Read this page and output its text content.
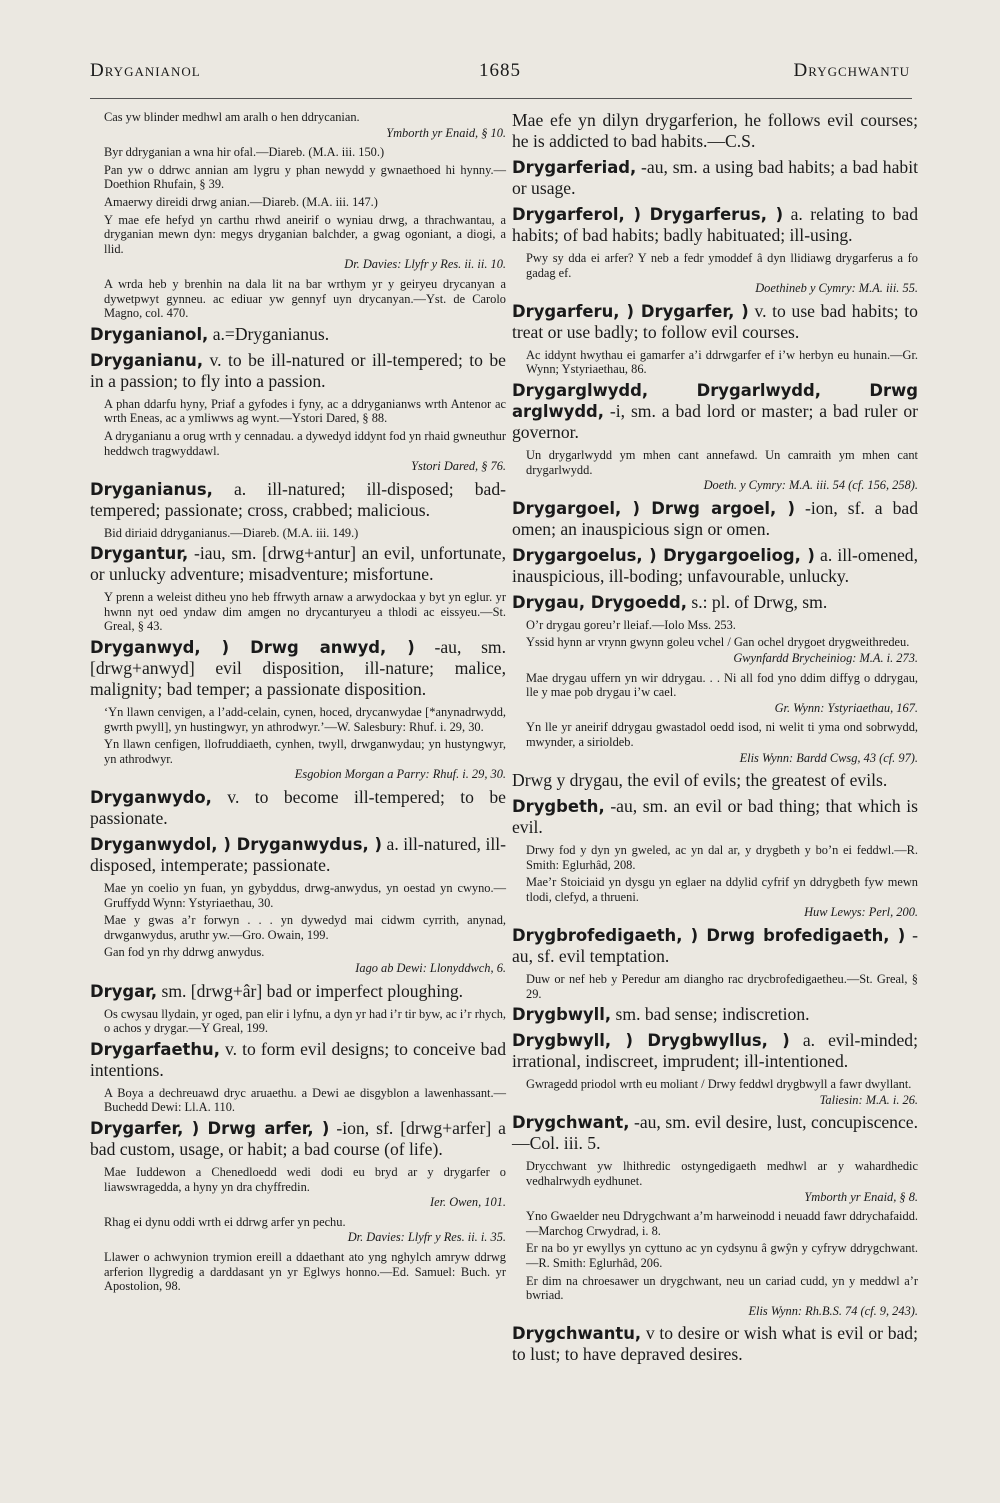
Dryganianol	1685	Drygchwantu
Cas yw blinder medhwl am aralh o hen ddrycanian.
Ymborth yr Enaid, § 10.
Byr ddryganian a wna hir ofal.—Diareb. (M.A. iii. 150.)
Pan yw o ddrwc annian am lygru y phan newydd y gwnaethoed hi hynny.—Doethion Rhufain, § 39.
Amaerwy direidi drwg anian.—Diareb. (M.A. iii. 147.)
Y mae efe hefyd yn carthu rhwd aneirif o wyniau drwg, a thrachwantau, a dryganian mewn dyn: megys dryganian balchder, a gwag ogoniant, a diogi, a llid.
Dr. Davies: Llyfr y Res. ii. ii. 10.
A wrda heb y brenhin na dala lit na bar wrthym yr y geiryeu drycanyan a dywetpwyt gynneu. ac ediuar yw gennyf uyn drycanyan.—Yst. de Carolo Magno, col. 470.
Dryganianol, a.=Dryganianus.
Dryganianu, v. to be ill-natured or ill-tempered; to be in a passion; to fly into a passion.
A phan ddarfu hyny, Priaf a gyfodes i fyny, ac a ddryganianws wrth Antenor ac wrth Eneas, ac a ymliwws ag wynt.—Ystori Dared, § 88.
A dryganianu a orug wrth y cennadau. a dywedyd iddynt fod yn rhaid gwneuthur heddwch tragwyddawl.
Ystori Dared, § 76.
Dryganianus, a. ill-natured; ill-disposed; bad-tempered; passionate; cross, crabbed; malicious.
Bid diriaid ddryganianus.—Diareb. (M.A. iii. 149.)
Drygantur, -iau, sm. [drwg+antur] an evil, unfortunate, or unlucky adventure; misadventure; misfortune.
Y prenn a weleist ditheu yno heb ffrwyth arnaw a arwydockaa y byt yn eglur. yr hwnn nyt oed yndaw dim amgen no drycanturyeu a thlodi ac eissyeu.—St. Greal, § 43.
Dryganwyd, ) Drwg anwyd, ) -au, sm. [drwg+anwyd] evil disposition, ill-nature; malice, malignity; bad temper; a passionate disposition.
‘Yn llawn cenvigen, a l’add-celain, cynen, hoced, drycanwydae [*anynadrwydd, gwrth pwyll], yn hustingwyr, yn athrodwyr.’—W. Salesbury: Rhuf. i. 29, 30.
Yn llawn cenfigen, llofruddiaeth, cynhen, twyll, drwganwydau; yn hustyngwyr, yn athrodwyr.
Esgobion Morgan a Parry: Rhuf. i. 29, 30.
Dryganwydo, v. to become ill-tempered; to be passionate.
Dryganwydol, ) Dryganwydus, ) a. ill-natured, ill-disposed, intemperate; passionate.
Mae yn coelio yn fuan, yn gybyddus, drwg-anwydus, yn oestad yn cwyno.—Gruffydd Wynn: Ystyriaethau, 30.
Mae y gwas a’r forwyn . . . yn dywedyd mai cidwm cyrrith, anynad, drwganwydus, aruthr yw.—Gro. Owain, 199.
Gan fod yn rhy ddrwg anwydus.
Iago ab Dewi: Llonyddwch, 6.
Drygar, sm. [drwg+âr] bad or imperfect ploughing.
Os cwysau llydain, yr oged, pan elir i lyfnu, a dyn yr had i’r tir byw, ac i’r rhych, o achos y drygar.—Y Greal, 199.
Drygarfaethu, v. to form evil designs; to conceive bad intentions.
A Boya a dechreuawd dryc aruaethu. a Dewi ae disgyblon a lawenhassant.—Buchedd Dewi: Ll.A. 110.
Drygarfer, ) Drwg arfer, ) -ion, sf. [drwg+arfer] a bad custom, usage, or habit; a bad course (of life).
Mae Iuddewon a Chenedloedd wedi dodi eu bryd ar y drygarfer o liawswragedda, a hyny yn dra chyffredin.
Ier. Owen, 101.
Rhag ei dynu oddi wrth ei ddrwg arfer yn pechu.
Dr. Davies: Llyfr y Res. ii. i. 35.
Llawer o achwynion trymion ereill a ddaethant ato yng nghylch amryw ddrwg arferion llygredig a darddasant yn yr Eglwys honno.—Ed. Samuel: Buch. yr Apostolion, 98.
Mae efe yn dilyn drygarferion, he follows evil courses; he is addicted to bad habits.—C.S.
Drygarferiad, -au, sm. a using bad habits; a bad habit or usage.
Drygarferol, ) Drygarferus, ) a. relating to bad habits; of bad habits; badly habituated; ill-using.
Pwy sy dda ei arfer? Y neb a fedr ymoddef â dyn llidiawg drygarferus a fo gadag ef.
Doethineb y Cymry: M.A. iii. 55.
Drygarferu, ) Drygarfer, ) v. to use bad habits; to treat or use badly; to follow evil courses.
Ac iddynt hwythau ei gamarfer a’i ddrwgarfer ef i’w herbyn eu hunain.—Gr. Wynn; Ystyriaethau, 86.
Drygarglwydd, Drygarlwydd, Drwg arglwydd, -i, sm. a bad lord or master; a bad ruler or governor.
Un drygarlwydd ym mhen cant annefawd. Un camraith ym mhen cant drygarlwydd.
Doeth. y Cymry: M.A. iii. 54 (cf. 156, 258).
Drygargoel, ) Drwg argoel, ) -ion, sf. a bad omen; an inauspicious sign or omen.
Drygargoelus, ) Drygargoeliog, ) a. ill-omened, inauspicious, ill-boding; unfavourable, unlucky.
Drygau, Drygoedd, s.: pl. of Drwg, sm.
O’r drygau goreu’r lleiaf.—Iolo Mss. 253.
Yssid hynn ar vrynn gwynn goleu vchel / Gan ochel drygoet drygweithredeu.
Gwynfardd Brycheiniog: M.A. i. 273.
Mae drygau uffern yn wir ddrygau. . . Ni all fod yno ddim diffyg o ddrygau, lle y mae pob drygau i’w cael.
Gr. Wynn: Ystyriaethau, 167.
Yn lle yr aneirif ddrygau gwastadol oedd isod, ni welit ti yma ond sobrwydd, mwynder, a sirioldeb.
Elis Wynn: Bardd Cwsg, 43 (cf. 97).
Drwg y drygau, the evil of evils; the greatest of evils.
Drygbeth, -au, sm. an evil or bad thing; that which is evil.
Drwy fod y dyn yn gweled, ac yn dal ar, y drygbeth y bo’n ei feddwl.—R. Smith: Eglurhâd, 208.
Mae’r Stoiciaid yn dysgu yn eglaer na ddylid cyfrif yn ddrygbeth fyw mewn tlodi, clefyd, a thrueni.
Huw Lewys: Perl, 200.
Drygbrofedigaeth, ) Drwg brofedigaeth, ) -au, sf. evil temptation.
Duw or nef heb y Peredur am diangho rac drycbrofedigaetheu.—St. Greal, § 29.
Drygbwyll, sm. bad sense; indiscretion.
Drygbwyll, ) Drygbwyllus, ) a. evil-minded; irrational, indiscreet, imprudent; ill-intentioned.
Gwragedd priodol wrth eu moliant / Drwy feddwl drygbwyll a fawr dwyllant.
Taliesin: M.A. i. 26.
Drygchwant, -au, sm. evil desire, lust, concupiscence.—Col. iii. 5.
Drycchwant yw lhithredic ostyngedigaeth medhwl ar y wahardhedic vedhalrwydh eydhunet.
Ymborth yr Enaid, § 8.
Yno Gwaelder neu Ddrygchwant a’m harweinodd i neuadd fawr ddrychafaidd.—Marchog Crwydrad, i. 8.
Er na bo yr ewyllys yn cyttuno ac yn cydsynu â gwŷn y cyfryw ddrygchwant.—R. Smith: Eglurhâd, 206.
Er dim na chroesawer un drygchwant, neu un cariad cudd, yn y meddwl a’r bwriad.
Elis Wynn: Rh.B.S. 74 (cf. 9, 243).
Drygchwantu, v to desire or wish what is evil or bad; to lust; to have depraved desires.
